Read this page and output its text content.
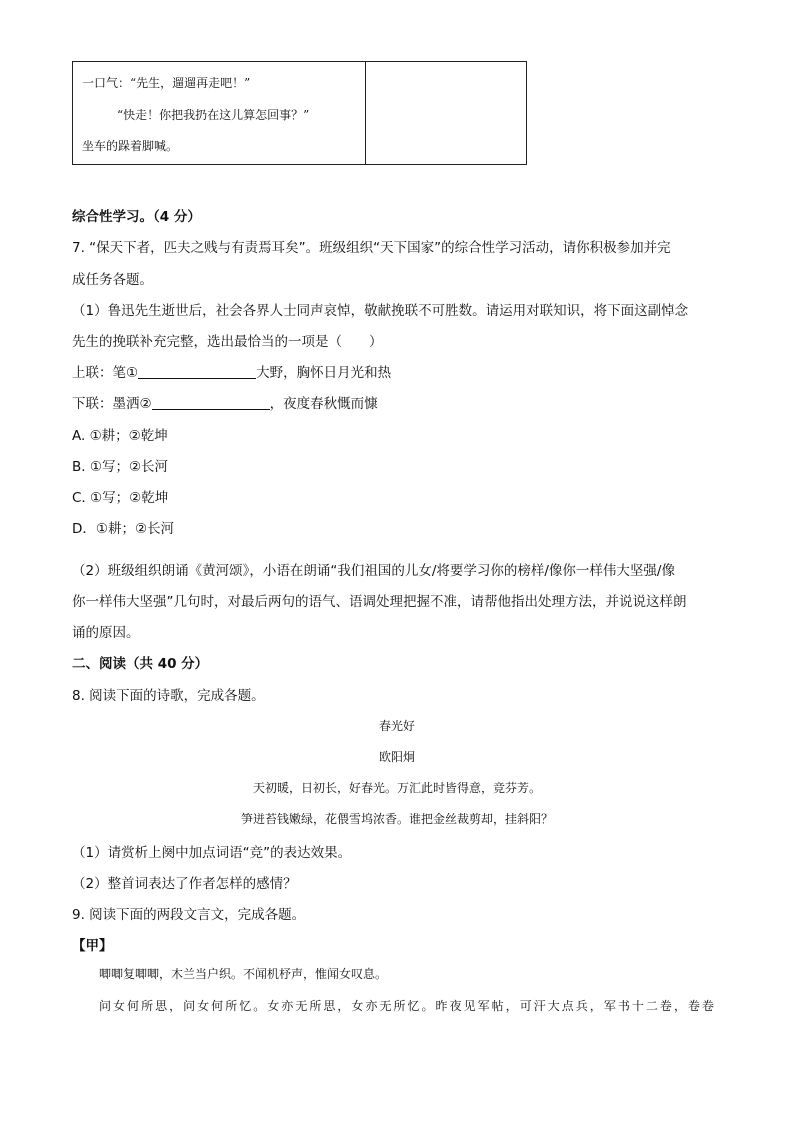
一口气：“先生，遛遛再走吧！”
“快走！你把我扔在这儿算怎回事？”
坐车的跺着脚喊。
综合性学习。（4 分）
7. “保天下者，匹夫之贱与有责焉耳矣”。班级组织“天下国家”的综合性学习活动，请你积极参加并完
成任务各题。
（1）鲁迅先生逝世后，社会各界人士同声哀悼，敬献挽联不可胜数。请运用对联知识，将下面这副悼念
先生的挽联补充完整，选出最恰当的一项是（　　）
上联：笔①	大野，胸怀日月光和热
下联：墨洒②	，夜度春秋慨而慷
A. ①耕；②乾坤
B. ①写；②长河
C. ①写；②乾坤
D．①耕；②长河
（2）班级组织朗诵《黄河颂》，小语在朗诵“我们祖国的儿女/将要学习你的榜样/像你一样伟大坚强/像
你一样伟大坚强”几句时，对最后两句的语气、语调处理把握不准，请帮他指出处理方法，并说说这样朗
诵的原因。
二、阅读（共 40 分）
8. 阅读下面的诗歌，完成各题。
春光好
欧阳炯
天初暖，日初长，好春光。万汇此时皆得意，竞芬芳。
笋迸苔钱嫩绿，花偎雪坞浓香。谁把金丝裁剪却，挂斜阳？
（1）请赏析上阕中加点词语“竞”的表达效果。
（2）整首词表达了作者怎样的感情？
9. 阅读下面的两段文言文，完成各题。
【甲】
唧唧复唧唧，木兰当户织。不闻机杼声，惟闻女叹息。
问女何所思，问女何所忆。女亦无所思，女亦无所忆。昨夜见军帖，可汗大点兵，军书十二卷，卷卷
